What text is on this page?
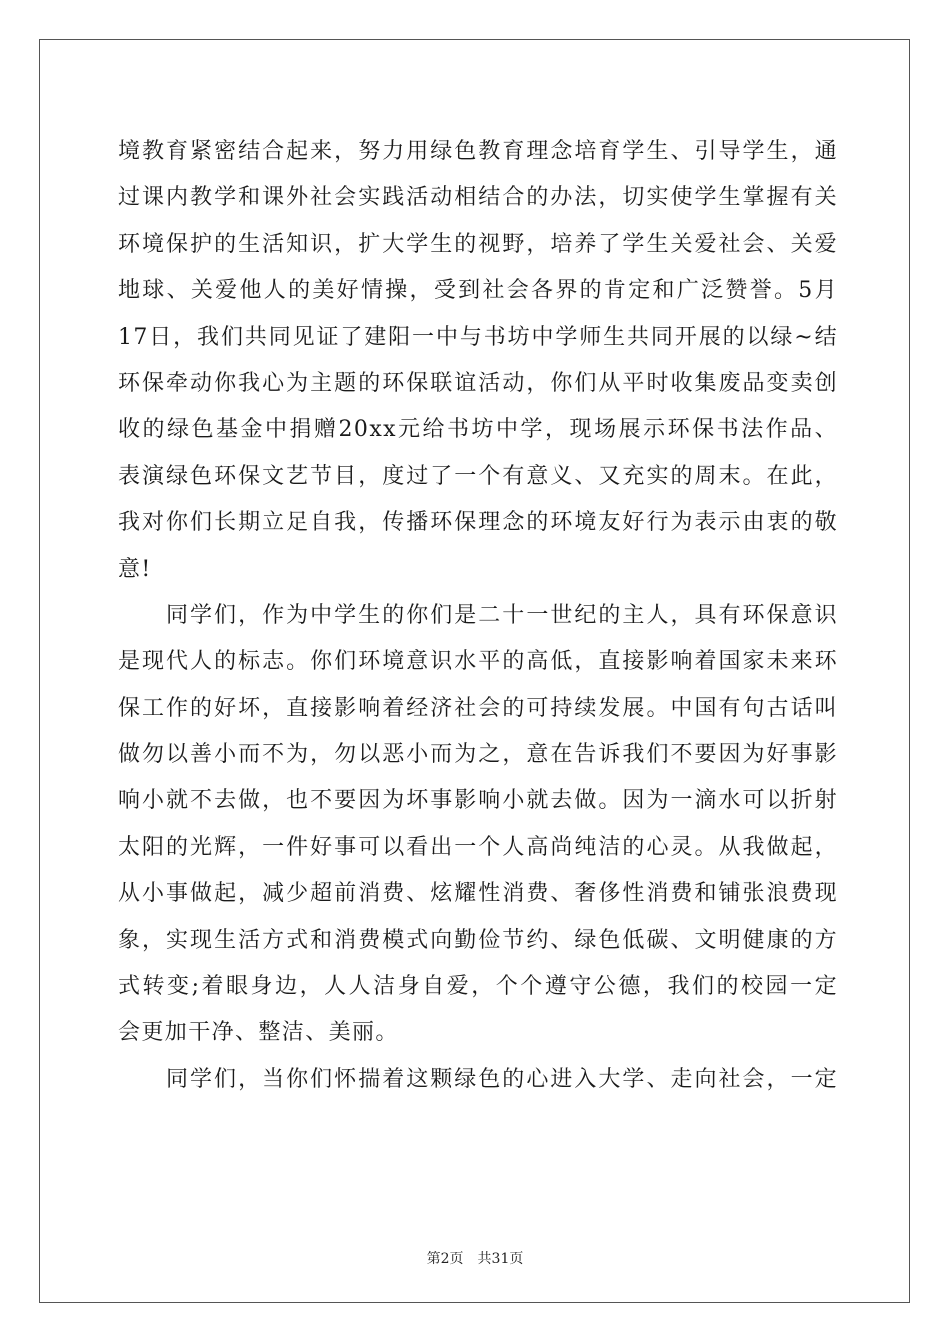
境教育紧密结合起来，努力用绿色教育理念培育学生、引导学生，通
过课内教学和课外社会实践活动相结合的办法，切实使学生掌握有关
环境保护的生活知识，扩大学生的视野，培养了学生关爱社会、关爱
地球、关爱他人的美好情操，受到社会各界的肯定和广泛赞誉。5月
17日，我们共同见证了建阳一中与书坊中学师生共同开展的以绿~结
环保牵动你我心为主题的环保联谊活动，你们从平时收集废品变卖创
收的绿色基金中捐赠20xx元给书坊中学，现场展示环保书法作品、
表演绿色环保文艺节目，度过了一个有意义、又充实的周末。在此，
我对你们长期立足自我，传播环保理念的环境友好行为表示由衷的敬
意!
同学们，作为中学生的你们是二十一世纪的主人，具有环保意识
是现代人的标志。你们环境意识水平的高低，直接影响着国家未来环
保工作的好坏，直接影响着经济社会的可持续发展。中国有句古话叫
做勿以善小而不为，勿以恶小而为之，意在告诉我们不要因为好事影
响小就不去做，也不要因为坏事影响小就去做。因为一滴水可以折射
太阳的光辉，一件好事可以看出一个人高尚纯洁的心灵。从我做起，
从小事做起，减少超前消费、炫耀性消费、奢侈性消费和铺张浪费现
象，实现生活方式和消费模式向勤俭节约、绿色低碳、文明健康的方
式转变;着眼身边，人人洁身自爱，个个遵守公德，我们的校园一定
会更加干净、整洁、美丽。
同学们，当你们怀揣着这颗绿色的心进入大学、走向社会，一定
第2页 共31页
